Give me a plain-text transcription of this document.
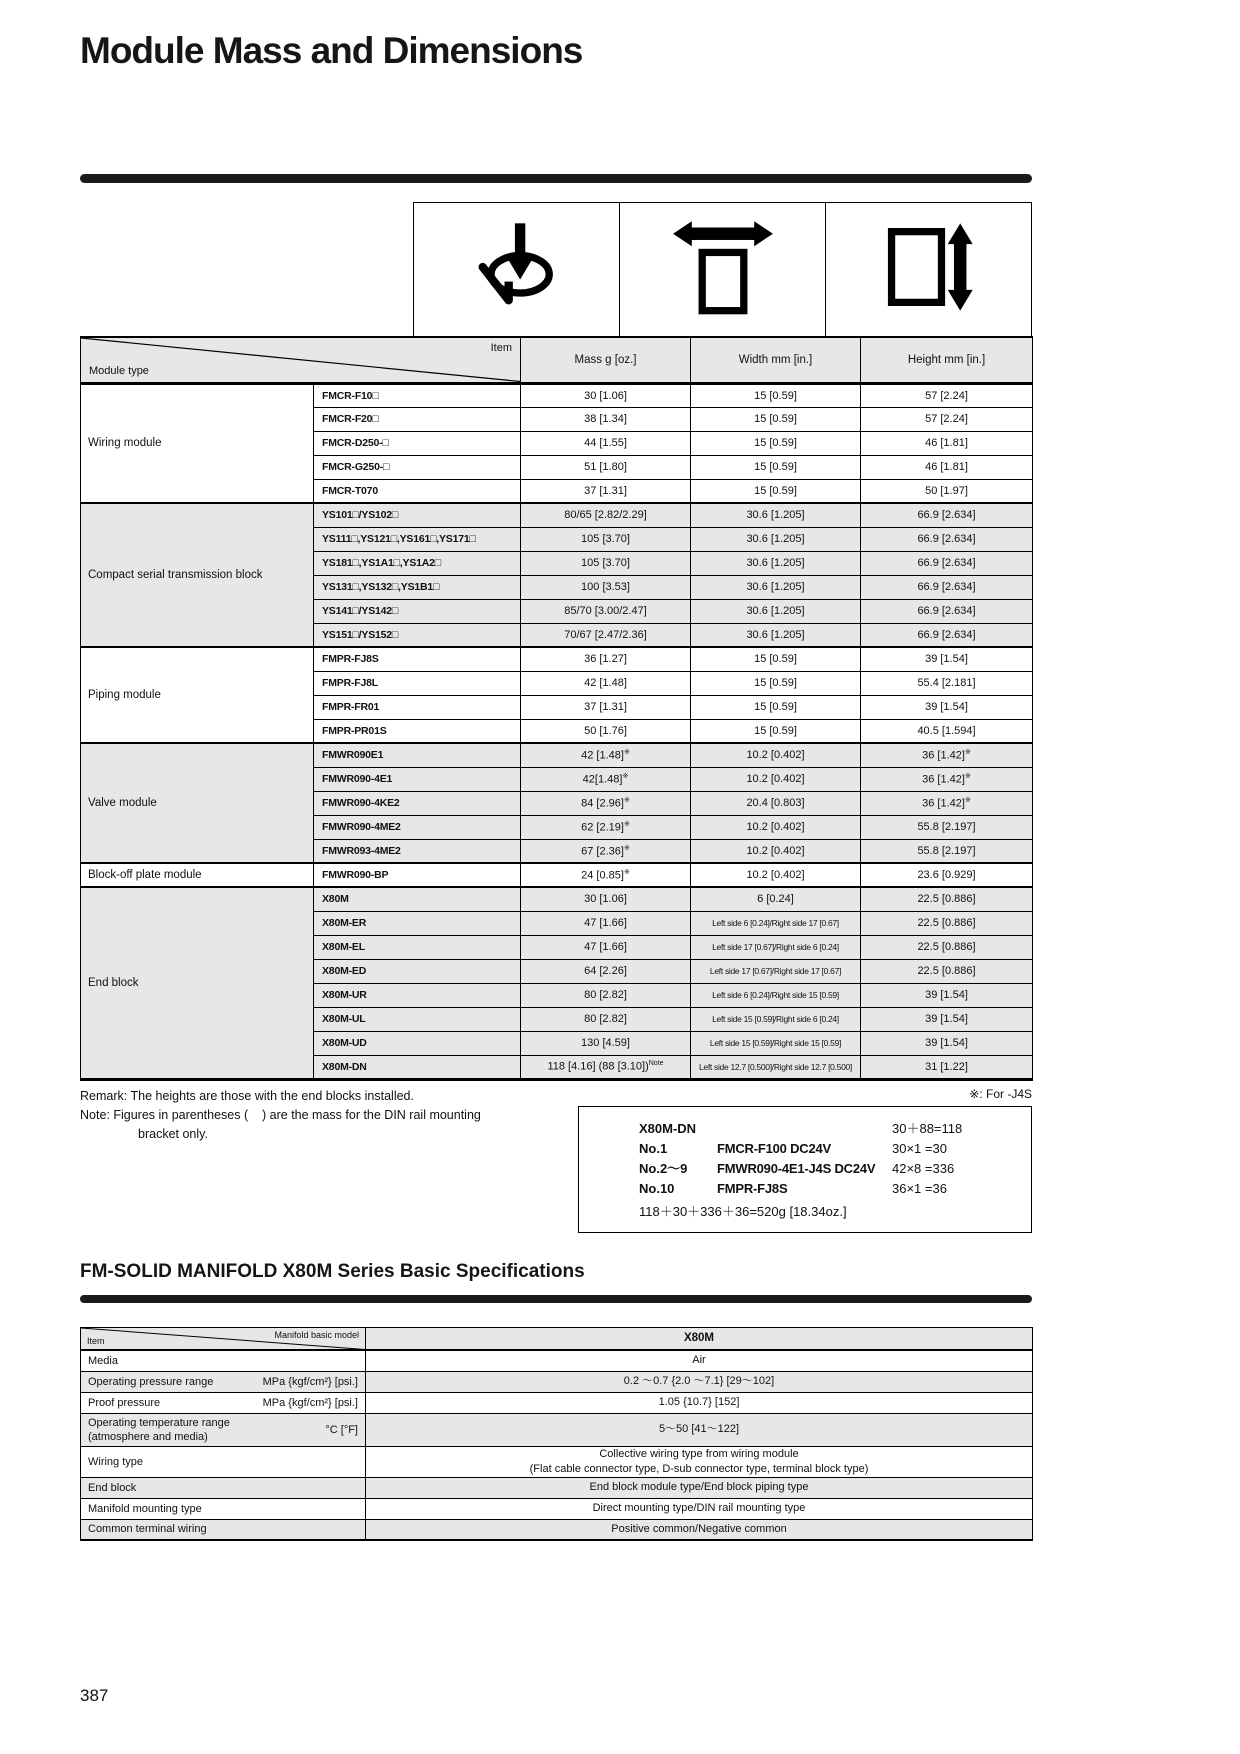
Module Mass and Dimensions
Item
Module type		Mass g [oz.]	Width mm [in.]	Height mm [in.]
Wiring module	FMCR-F10□	30 [1.06]	15 [0.59]	57 [2.24]
	FMCR-F20□	38 [1.34]	15 [0.59]	57 [2.24]
	FMCR-D250-□	44 [1.55]	15 [0.59]	46 [1.81]
	FMCR-G250-□	51 [1.80]	15 [0.59]	46 [1.81]
	FMCR-T070	37 [1.31]	15 [0.59]	50 [1.97]
Compact serial transmission block	YS101□/YS102□	80/65 [2.82/2.29]	30.6 [1.205]	66.9 [2.634]
	YS111□,YS121□,YS161□,YS171□	105 [3.70]	30.6 [1.205]	66.9 [2.634]
	YS181□,YS1A1□,YS1A2□	105 [3.70]	30.6 [1.205]	66.9 [2.634]
	YS131□,YS132□,YS1B1□	100 [3.53]	30.6 [1.205]	66.9 [2.634]
	YS141□/YS142□	85/70 [3.00/2.47]	30.6 [1.205]	66.9 [2.634]
	YS151□/YS152□	70/67 [2.47/2.36]	30.6 [1.205]	66.9 [2.634]
Piping module	FMPR-FJ8S	36 [1.27]	15 [0.59]	39 [1.54]
	FMPR-FJ8L	42 [1.48]	15 [0.59]	55.4 [2.181]
	FMPR-FR01	37 [1.31]	15 [0.59]	39 [1.54]
	FMPR-PR01S	50 [1.76]	15 [0.59]	40.5 [1.594]
Valve module	FMWR090E1	42 [1.48]※	10.2 [0.402]	36 [1.42]※
	FMWR090-4E1	42[1.48]※	10.2 [0.402]	36 [1.42]※
	FMWR090-4KE2	84 [2.96]※	20.4 [0.803]	36 [1.42]※
	FMWR090-4ME2	62 [2.19]※	10.2 [0.402]	55.8 [2.197]
	FMWR093-4ME2	67 [2.36]※	10.2 [0.402]	55.8 [2.197]
Block-off plate module	FMWR090-BP	24 [0.85]※	10.2 [0.402]	23.6 [0.929]
End block	X80M	30 [1.06]	6 [0.24]	22.5 [0.886]
	X80M-ER	47 [1.66]	Left side 6 [0.24]/Right side 17 [0.67]	22.5 [0.886]
	X80M-EL	47 [1.66]	Left side 17 [0.67]/Right side 6 [0.24]	22.5 [0.886]
	X80M-ED	64 [2.26]	Left side 17 [0.67]/Right side 17 [0.67]	22.5 [0.886]
	X80M-UR	80 [2.82]	Left side 6 [0.24]/Right side 15 [0.59]	39 [1.54]
	X80M-UL	80 [2.82]	Left side 15 [0.59]/Right side 6 [0.24]	39 [1.54]
	X80M-UD	130 [4.59]	Left side 15 [0.59]/Right side 15 [0.59]	39 [1.54]
	X80M-DN	118 [4.16] (88 [3.10])$^{Note}$	Left side 12.7 [0.500]/Right side 12.7 [0.500]	31 [1.22]
Remark: The heights are those with the end blocks installed.
Note: Figures in parentheses (    ) are the mass for the DIN rail mounting
bracket only.
※: For -J4S
X80M-DN	30＋88=118
No.1	FMCR-F100 DC24V	30×1 =30
No.2〜9	FMWR090-4E1-J4S DC24V	42×8 =336
No.10	FMPR-FJ8S	36×1 =36
118＋30＋336＋36=520g [18.34oz.]
FM-SOLID MANIFOLD X80M Series Basic Specifications
Item
Manifold basic model	X80M

Media	Air

Operating pressure range MPa {kgf/cm²} [psi.]	0.2 〜0.7 {2.0 〜7.1} [29〜102]

Proof pressure MPa {kgf/cm²} [psi.]	1.05 {10.7} [152]

Operating temperature range
(atmosphere and media)
°C [°F]	5〜50 [41〜122]

Wiring type	Collective wiring type from wiring module
(Flat cable connector type, D-sub connector type, terminal block type)

End block	End block module type/End block piping type

Manifold mounting type	Direct mounting type/DIN rail mounting type

Common terminal wiring	Positive common/Negative common
387
